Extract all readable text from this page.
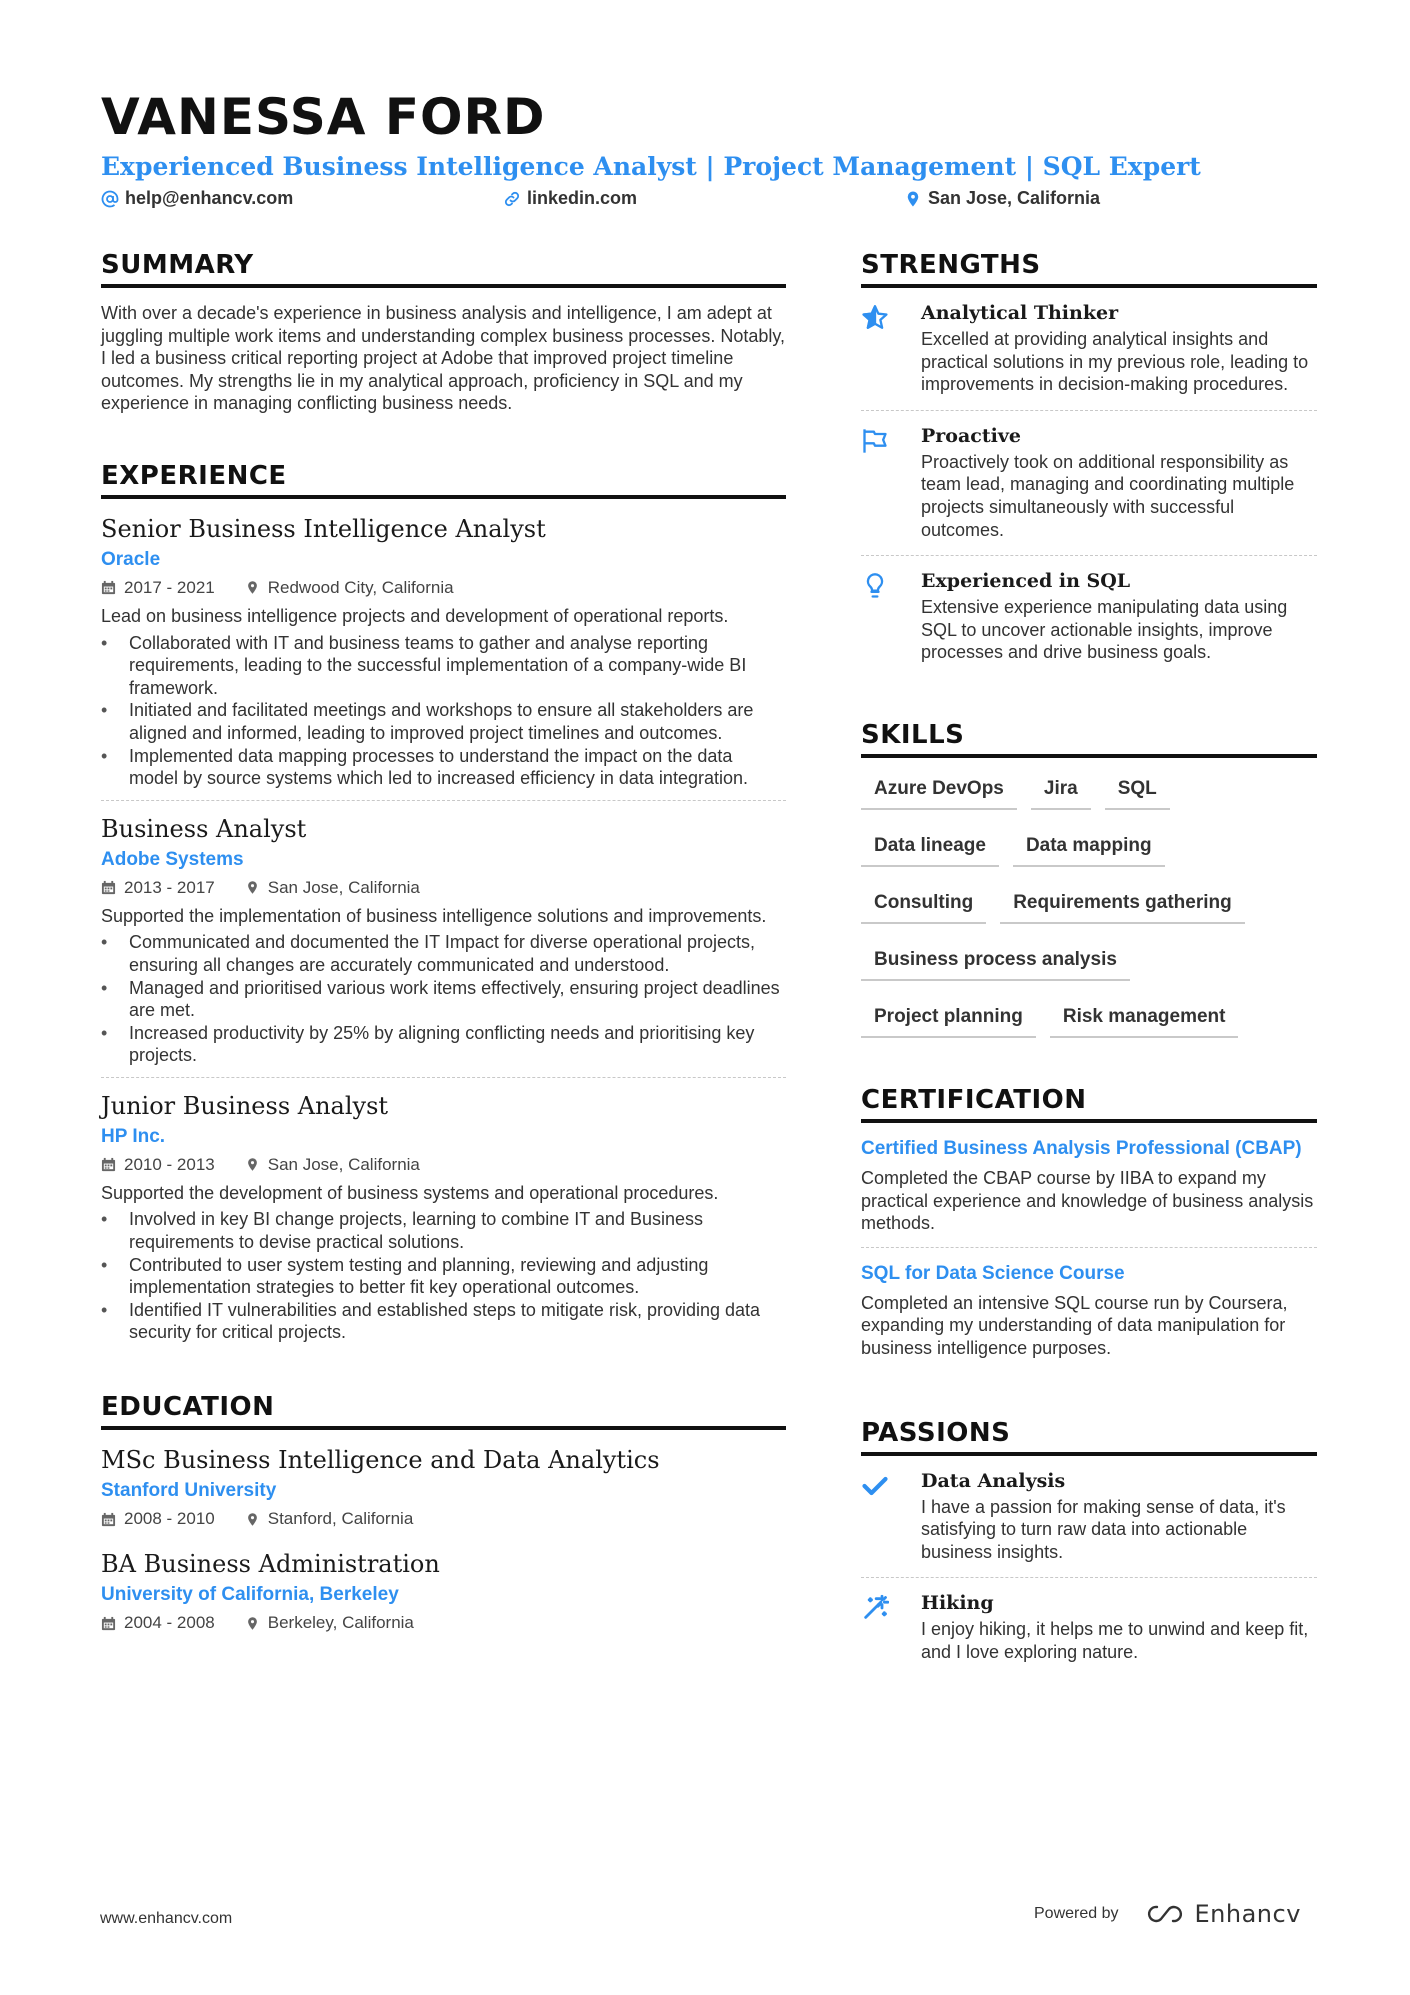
VANESSA FORD
Experienced Business Intelligence Analyst | Project Management | SQL Expert
help@enhancv.com	linkedin.com	San Jose, California
SUMMARY
With over a decade's experience in business analysis and intelligence, I am adept at juggling multiple work items and understanding complex business processes. Notably, I led a business critical reporting project at Adobe that improved project timeline outcomes. My strengths lie in my analytical approach, proficiency in SQL and my experience in managing conflicting business needs.
EXPERIENCE
Senior Business Intelligence Analyst
Oracle
2017 - 2021	Redwood City, California
Lead on business intelligence projects and development of operational reports.
• Collaborated with IT and business teams to gather and analyse reporting requirements, leading to the successful implementation of a company-wide BI framework.
• Initiated and facilitated meetings and workshops to ensure all stakeholders are aligned and informed, leading to improved project timelines and outcomes.
• Implemented data mapping processes to understand the impact on the data model by source systems which led to increased efficiency in data integration.
Business Analyst
Adobe Systems
2013 - 2017	San Jose, California
Supported the implementation of business intelligence solutions and improvements.
• Communicated and documented the IT Impact for diverse operational projects, ensuring all changes are accurately communicated and understood.
• Managed and prioritised various work items effectively, ensuring project deadlines are met.
• Increased productivity by 25% by aligning conflicting needs and prioritising key projects.
Junior Business Analyst
HP Inc.
2010 - 2013	San Jose, California
Supported the development of business systems and operational procedures.
• Involved in key BI change projects, learning to combine IT and Business requirements to devise practical solutions.
• Contributed to user system testing and planning, reviewing and adjusting implementation strategies to better fit key operational outcomes.
• Identified IT vulnerabilities and established steps to mitigate risk, providing data security for critical projects.
EDUCATION
MSc Business Intelligence and Data Analytics
Stanford University
2008 - 2010	Stanford, California
BA Business Administration
University of California, Berkeley
2004 - 2008	Berkeley, California
STRENGTHS
Analytical Thinker
Excelled at providing analytical insights and practical solutions in my previous role, leading to improvements in decision-making procedures.
Proactive
Proactively took on additional responsibility as team lead, managing and coordinating multiple projects simultaneously with successful outcomes.
Experienced in SQL
Extensive experience manipulating data using SQL to uncover actionable insights, improve processes and drive business goals.
SKILLS
Azure DevOps	Jira	SQL
Data lineage	Data mapping
Consulting	Requirements gathering
Business process analysis
Project planning	Risk management
CERTIFICATION
Certified Business Analysis Professional (CBAP)
Completed the CBAP course by IIBA to expand my practical experience and knowledge of business analysis methods.
SQL for Data Science Course
Completed an intensive SQL course run by Coursera, expanding my understanding of data manipulation for business intelligence purposes.
PASSIONS
Data Analysis
I have a passion for making sense of data, it's satisfying to turn raw data into actionable business insights.
Hiking
I enjoy hiking, it helps me to unwind and keep fit, and I love exploring nature.
www.enhancv.com	Powered by	Enhancv
